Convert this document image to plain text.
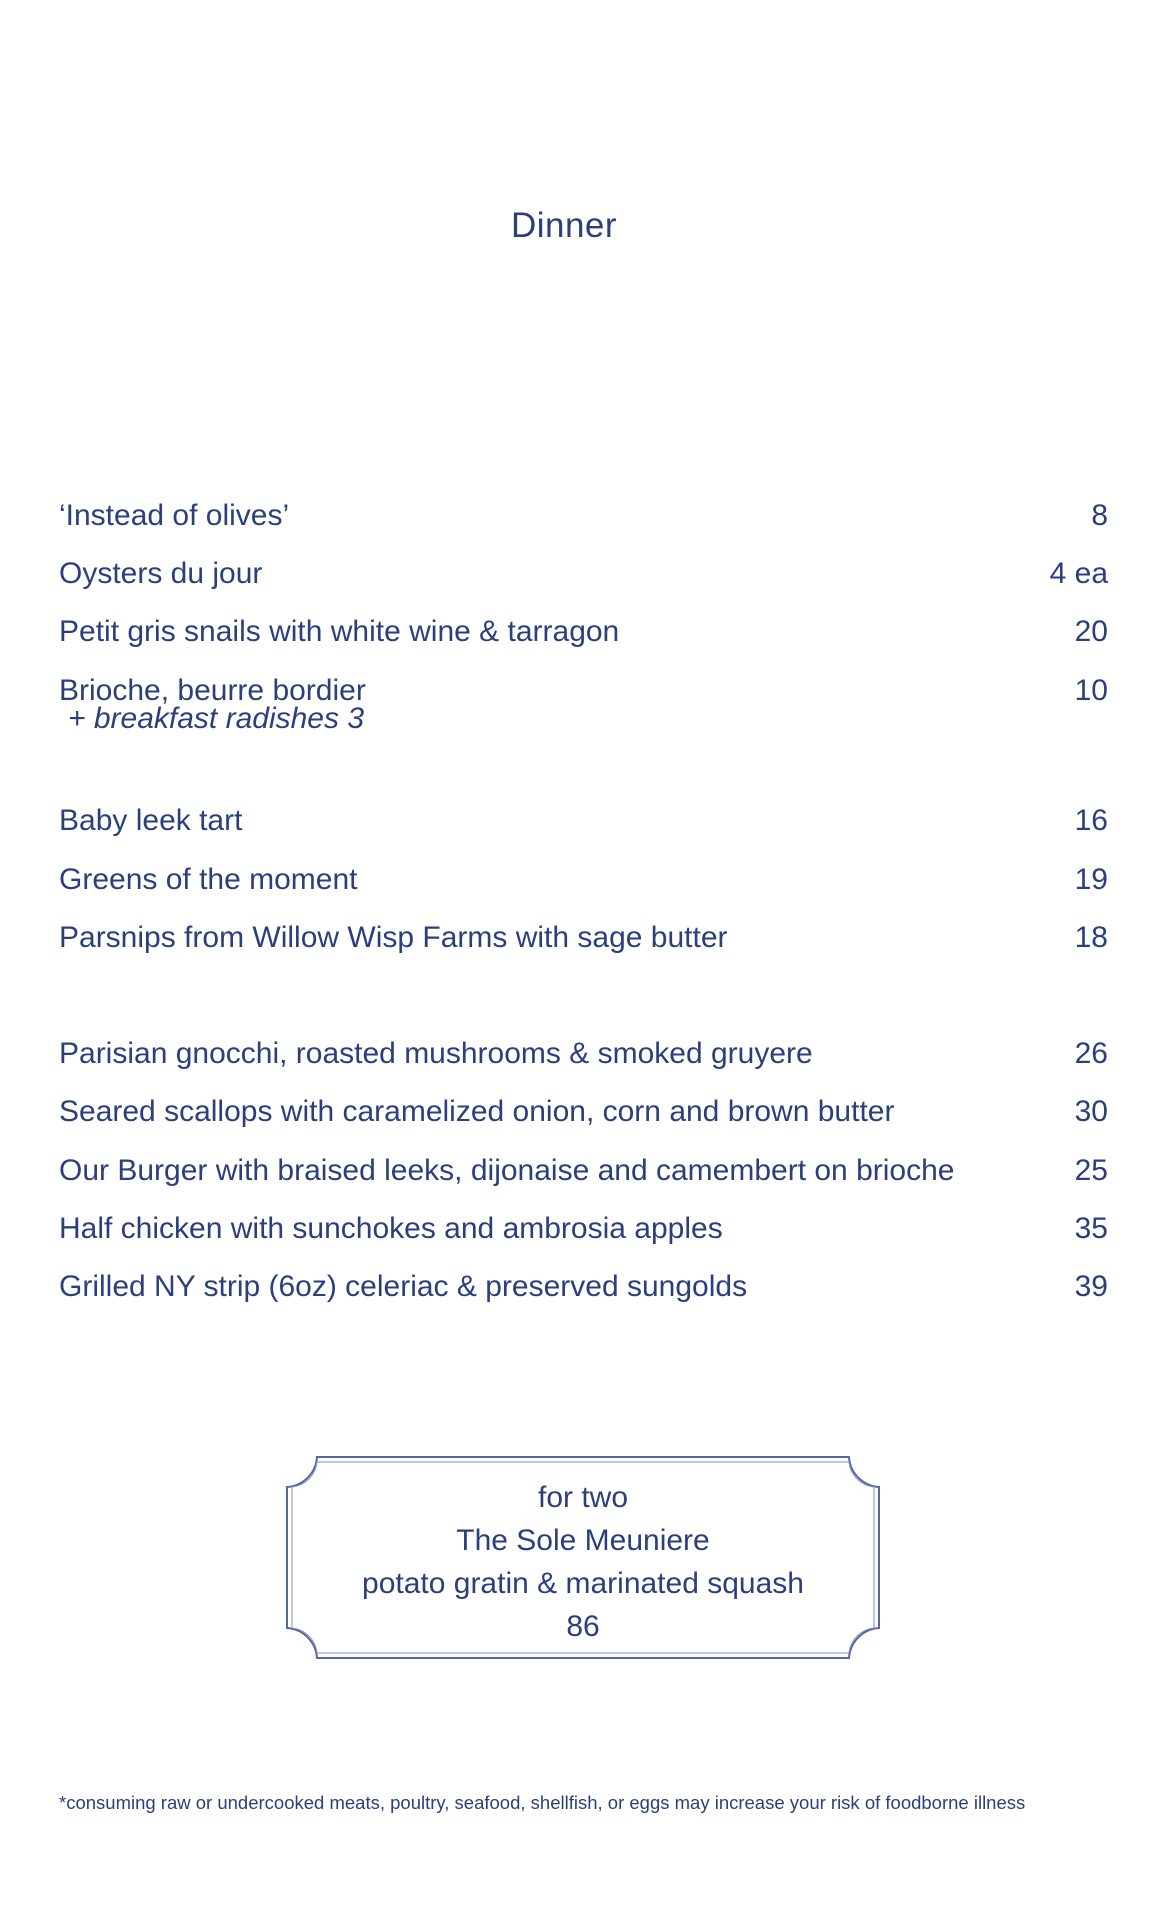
Dinner
‘Instead of olives’	8
Oysters du jour	4 ea
Petit gris snails with white wine & tarragon	20
Brioche, beurre bordier	10
+ breakfast radishes 3
Baby leek tart	16
Greens of the moment	19
Parsnips from Willow Wisp Farms with sage butter	18
Parisian gnocchi, roasted mushrooms & smoked gruyere	26
Seared scallops with caramelized onion, corn and brown butter	30
Our Burger with braised leeks, dijonaise and camembert on brioche	25
Half chicken with sunchokes and ambrosia apples	35
Grilled NY strip (6oz) celeriac & preserved sungolds	39
for two
The Sole Meuniere
potato gratin & marinated squash
86
*consuming raw or undercooked meats, poultry, seafood, shellfish, or eggs may increase your risk of foodborne illness
